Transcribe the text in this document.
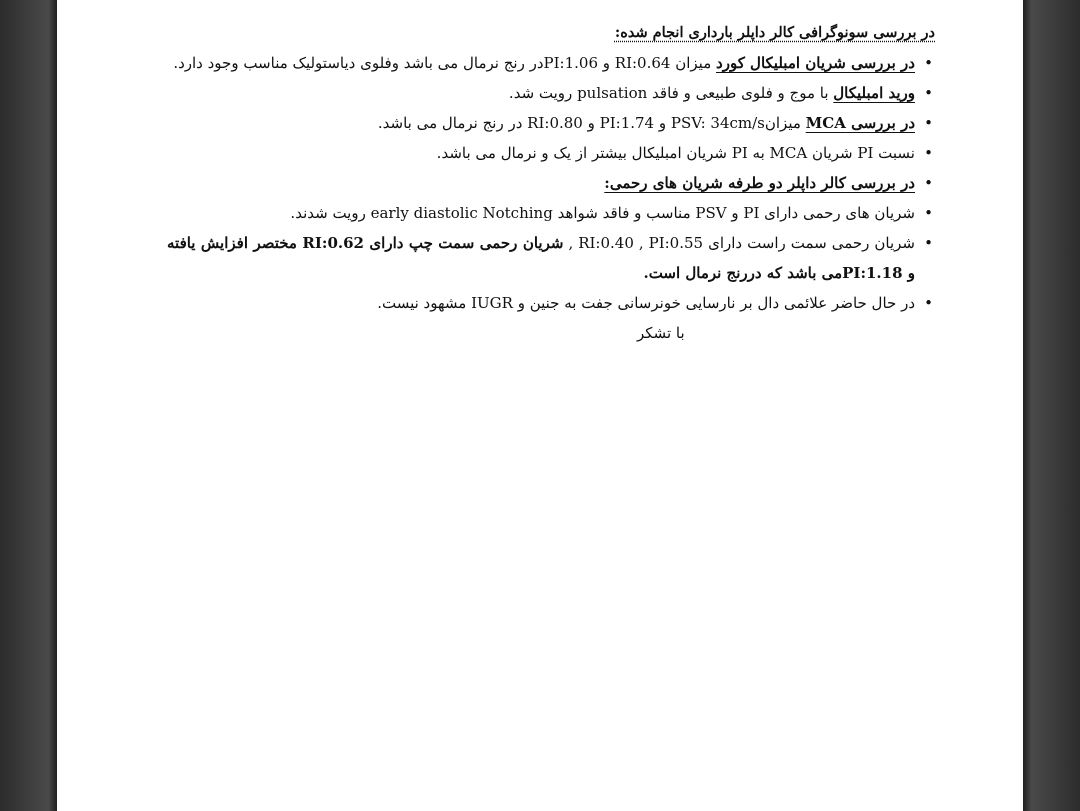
در بررسی سونوگرافی کالر داپلر بارداری انجام شده:

• در بررسی شریان امبلیکال کورد میزان RI:0.64 و PI:1.06در رنج نرمال می باشد وفلوی دیاستولیک مناسب وجود دارد.
• ورید امبلیکال با موج و فلوی طبیعی و فاقد pulsation رویت شد.
• در بررسی MCA میزانPSV: 34cm/s و PI:1.74 و RI:0.80 در رنج نرمال می باشد.
• نسبت PI شریان MCA به PI شریان امبلیکال بیشتر از یک و نرمال می باشد.
• در بررسی کالر داپلر دو طرفه شریان های رحمی:
• شریان های رحمی دارای PI و PSV مناسب و فاقد شواهد early diastolic Notching رویت شدند.
• شریان رحمی سمت راست دارای RI:0.40 , PI:0.55 , شریان رحمی سمت چپ دارای RI:0.62 مختصر افزایش یافته و PI:1.18می باشد که دررنج نرمال است.
• در حال حاضر علائمی دال بر نارسایی خونرسانی جفت به جنین و IUGR مشهود نیست.
با تشکر
